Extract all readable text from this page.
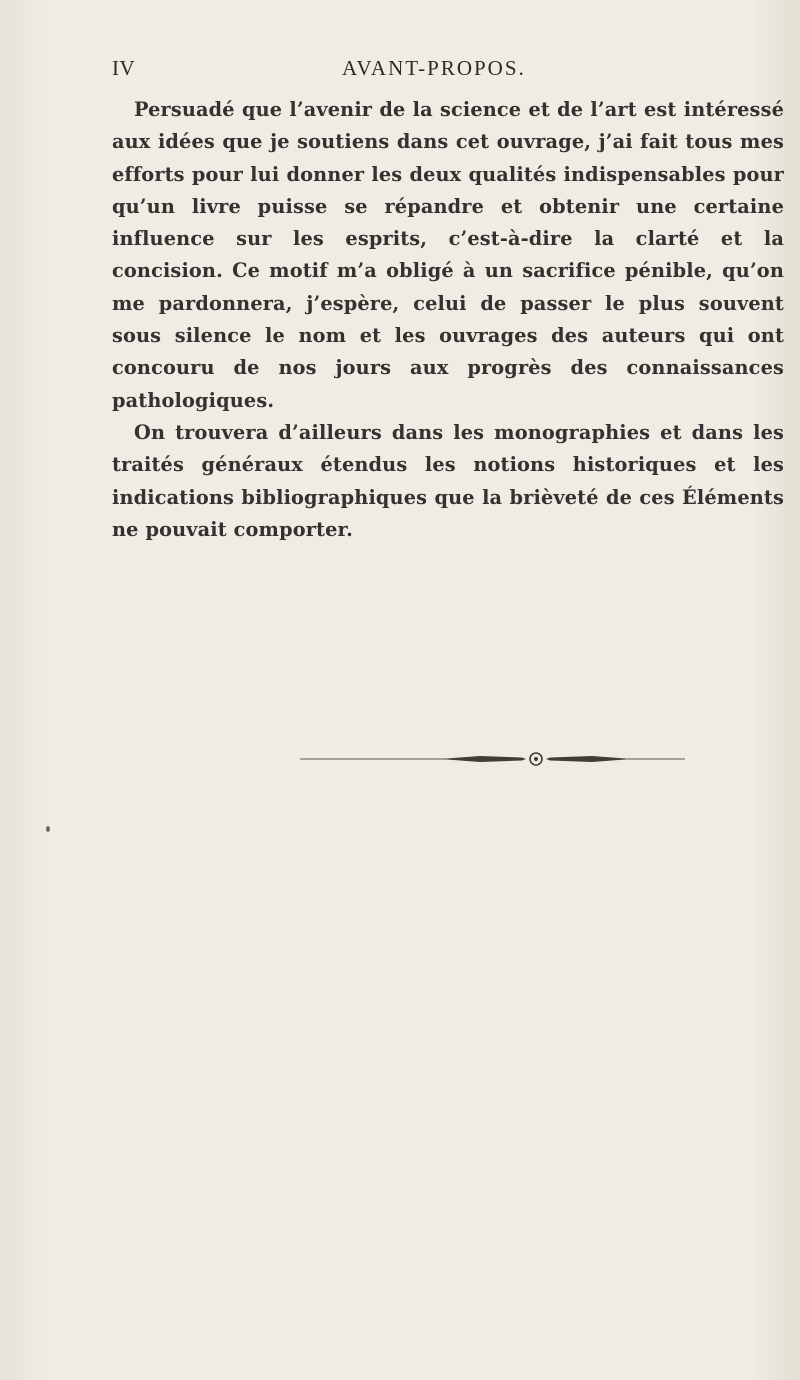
IV	AVANT-PROPOS.

Persuadé que l’avenir de la science et de l’art est intéressé aux idées que je soutiens dans cet ouvrage, j’ai fait tous mes efforts pour lui donner les deux qualités indispensables pour qu’un livre puisse se répandre et obtenir une certaine influence sur les esprits, c’est-à-dire la clarté et la concision. Ce motif m’a obligé à un sacrifice pénible, qu’on me pardonnera, j’espère, celui de passer le plus souvent sous silence le nom et les ouvrages des auteurs qui ont concouru de nos jours aux progrès des connaissances pathologiques.

On trouvera d’ailleurs dans les monographies et dans les traités généraux étendus les notions historiques et les indications bibliographiques que la brièveté de ces Éléments ne pouvait comporter.
